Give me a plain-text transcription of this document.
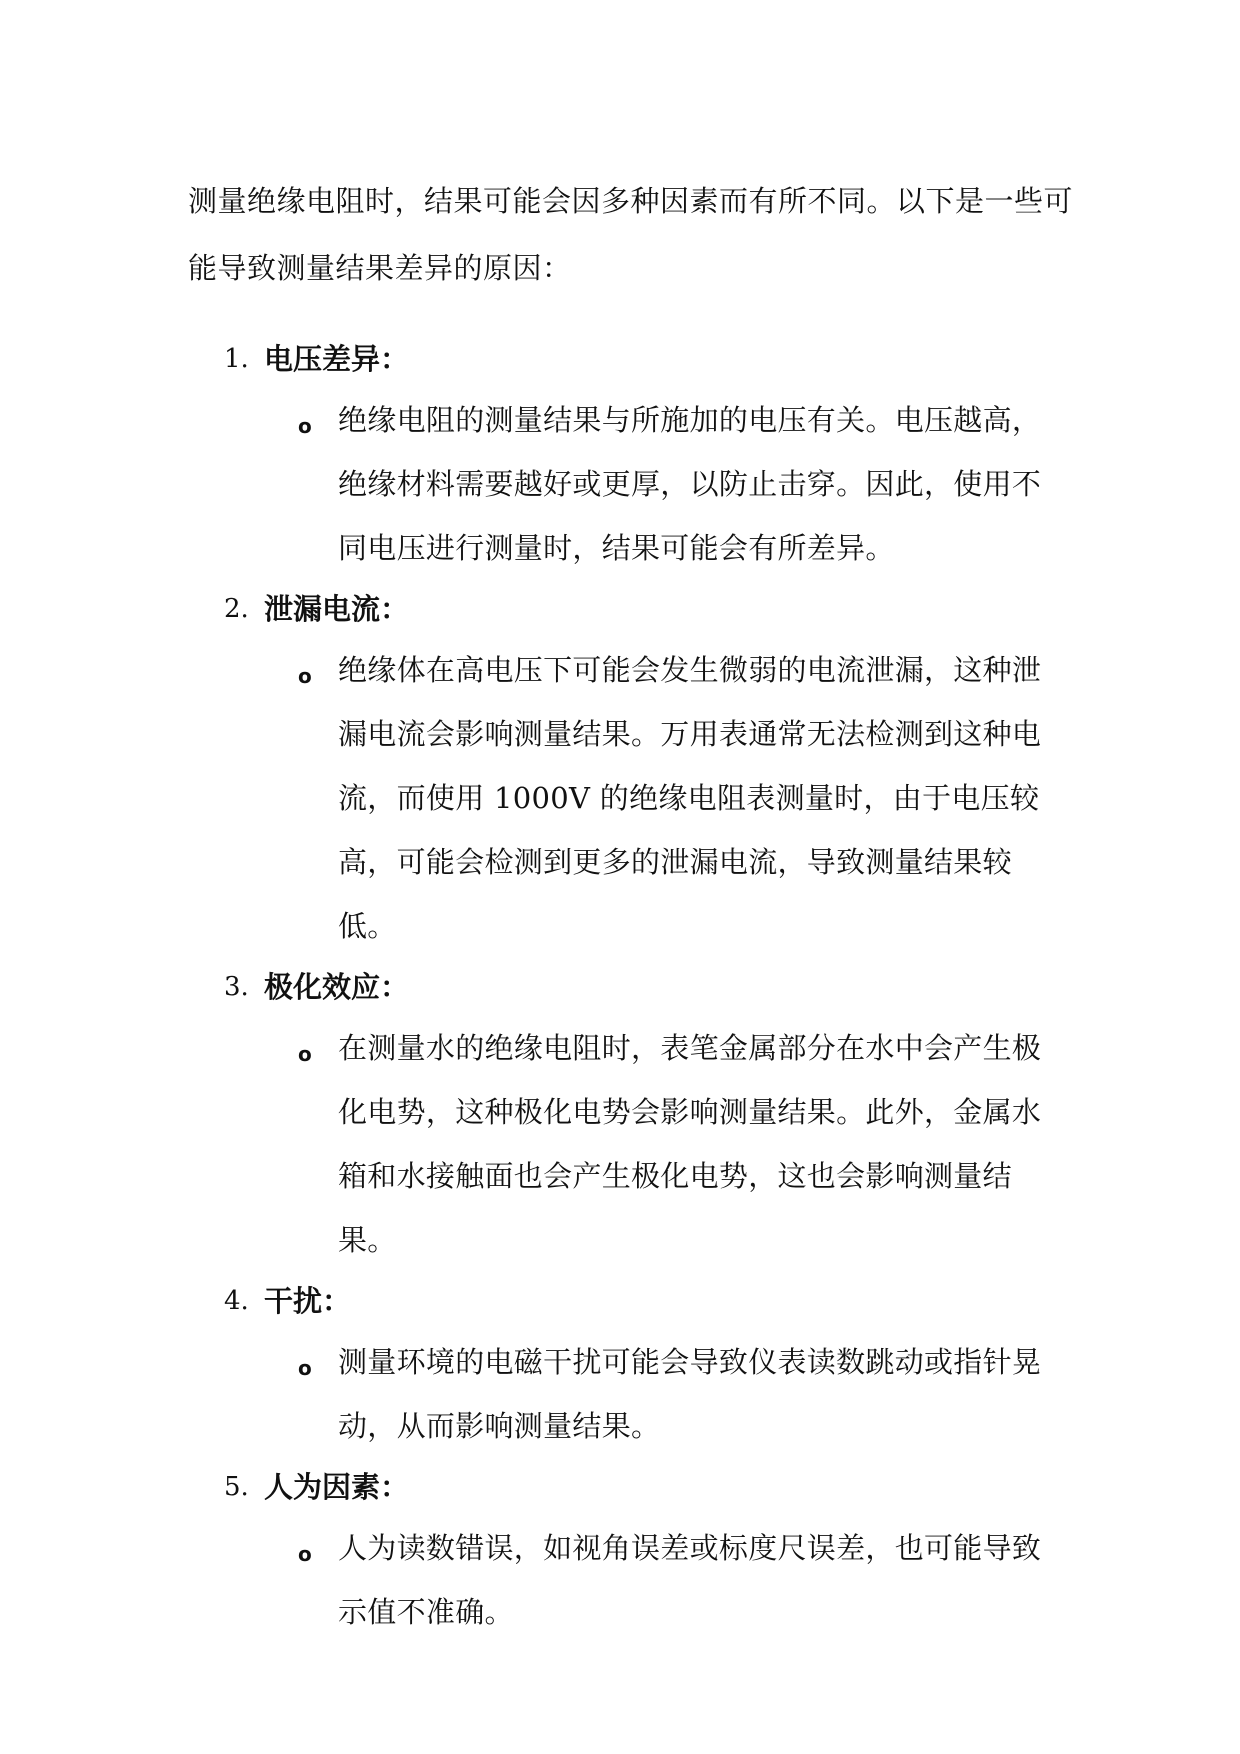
测量绝缘电阻时，结果可能会因多种因素而有所不同。以下是一些可能导致测量结果差异的原因：

1. 电压差异：
o 绝缘电阻的测量结果与所施加的电压有关。电压越高，绝缘材料需要越好或更厚，以防止击穿。因此，使用不同电压进行测量时，结果可能会有所差异。

2. 泄漏电流：
o 绝缘体在高电压下可能会发生微弱的电流泄漏，这种泄漏电流会影响测量结果。万用表通常无法检测到这种电流，而使用 1000V 的绝缘电阻表测量时，由于电压较高，可能会检测到更多的泄漏电流，导致测量结果较低。

3. 极化效应：
o 在测量水的绝缘电阻时，表笔金属部分在水中会产生极化电势，这种极化电势会影响测量结果。此外，金属水箱和水接触面也会产生极化电势，这也会影响测量结果。

4. 干扰：
o 测量环境的电磁干扰可能会导致仪表读数跳动或指针晃动，从而影响测量结果。

5. 人为因素：
o 人为读数错误，如视角误差或标度尺误差，也可能导致示值不准确。
